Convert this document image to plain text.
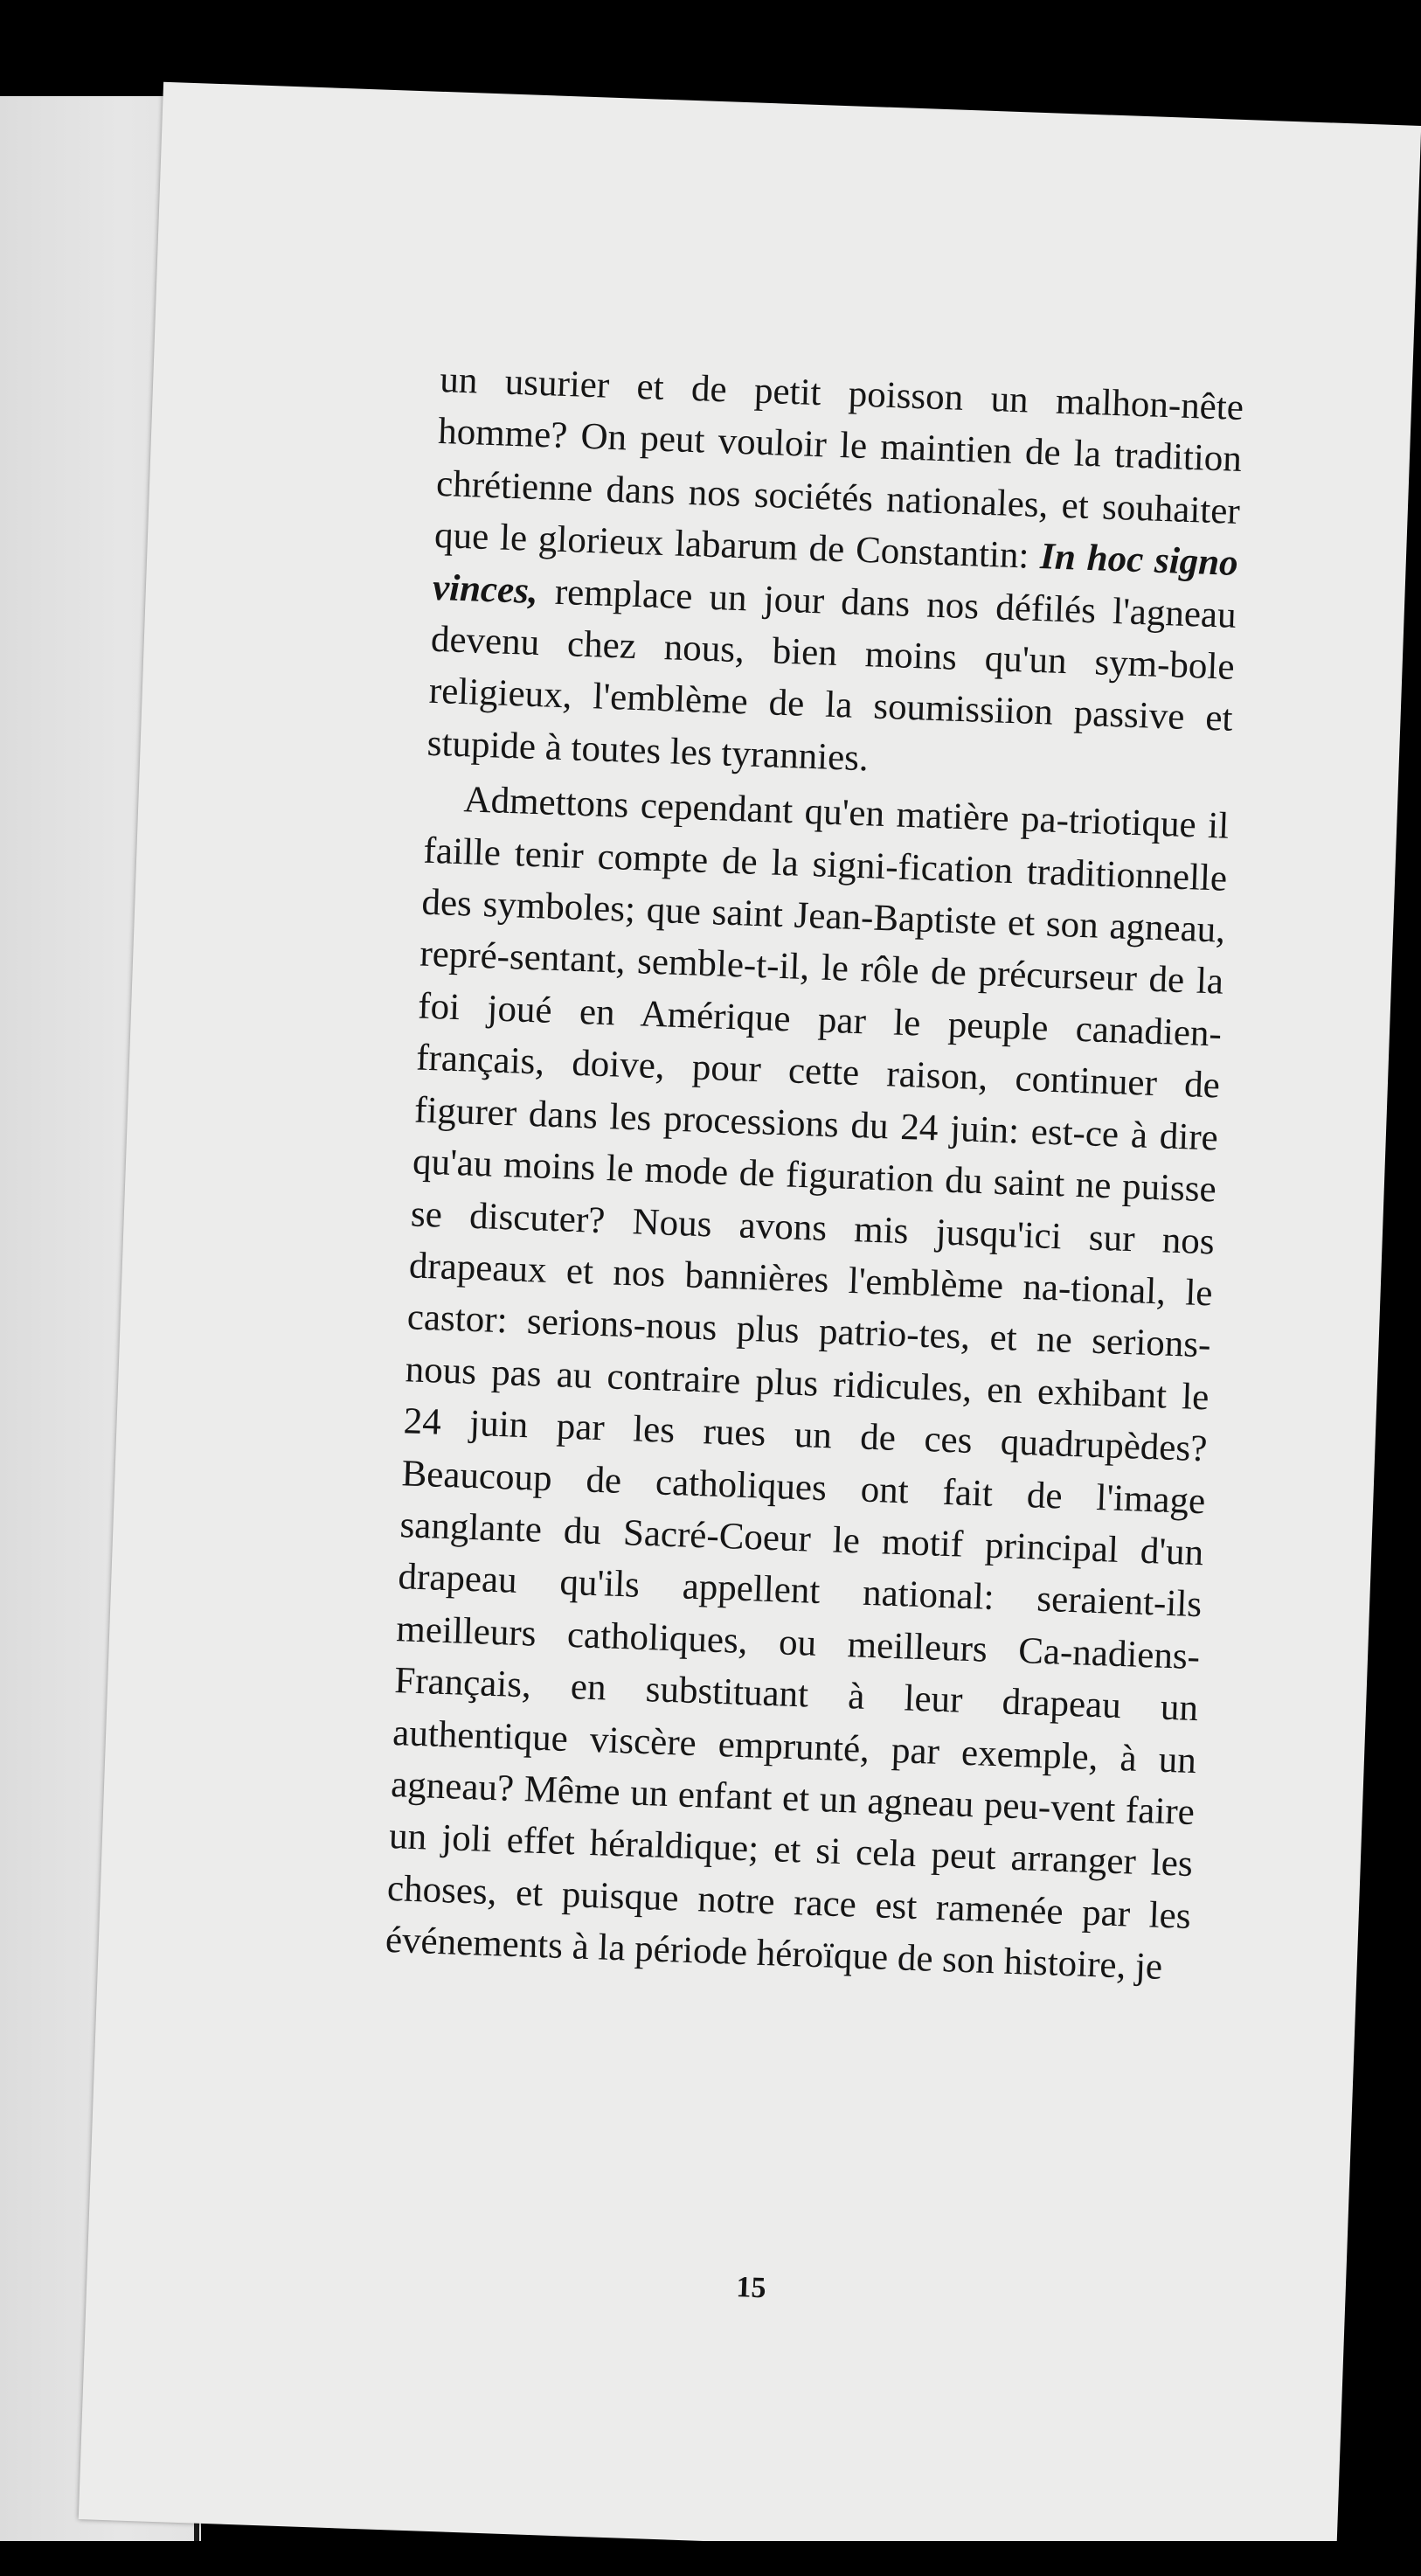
un usurier et de petit poisson un malhon-nête homme? On peut vouloir le maintien de la tradition chrétienne dans nos sociétés nationales, et souhaiter que le glorieux labarum de Constantin: In hoc signo vinces, remplace un jour dans nos défilés l'agneau devenu chez nous, bien moins qu'un sym-bole religieux, l'emblème de la soumissiion passive et stupide à toutes les tyrannies.

Admettons cependant qu'en matière pa-triotique il faille tenir compte de la signi-fication traditionnelle des symboles; que saint Jean-Baptiste et son agneau, repré-sentant, semble-t-il, le rôle de précurseur de la foi joué en Amérique par le peuple canadien-français, doive, pour cette raison, continuer de figurer dans les processions du 24 juin: est-ce à dire qu'au moins le mode de figuration du saint ne puisse se discuter? Nous avons mis jusqu'ici sur nos drapeaux et nos bannières l'emblème na-tional, le castor: serions-nous plus patrio-tes, et ne serions-nous pas au contraire plus ridicules, en exhibant le 24 juin par les rues un de ces quadrupèdes? Beaucoup de catholiques ont fait de l'image sanglante du Sacré-Coeur le motif principal d'un drapeau qu'ils appellent national: seraient-ils meilleurs catholiques, ou meilleurs Ca-nadiens-Français, en substituant à leur drapeau un authentique viscère emprunté, par exemple, à un agneau? Même un enfant et un agneau peu-vent faire un joli effet héraldique; et si cela peut arranger les choses, et puisque notre race est ramenée par les événements à la période héroïque de son histoire, je

15
